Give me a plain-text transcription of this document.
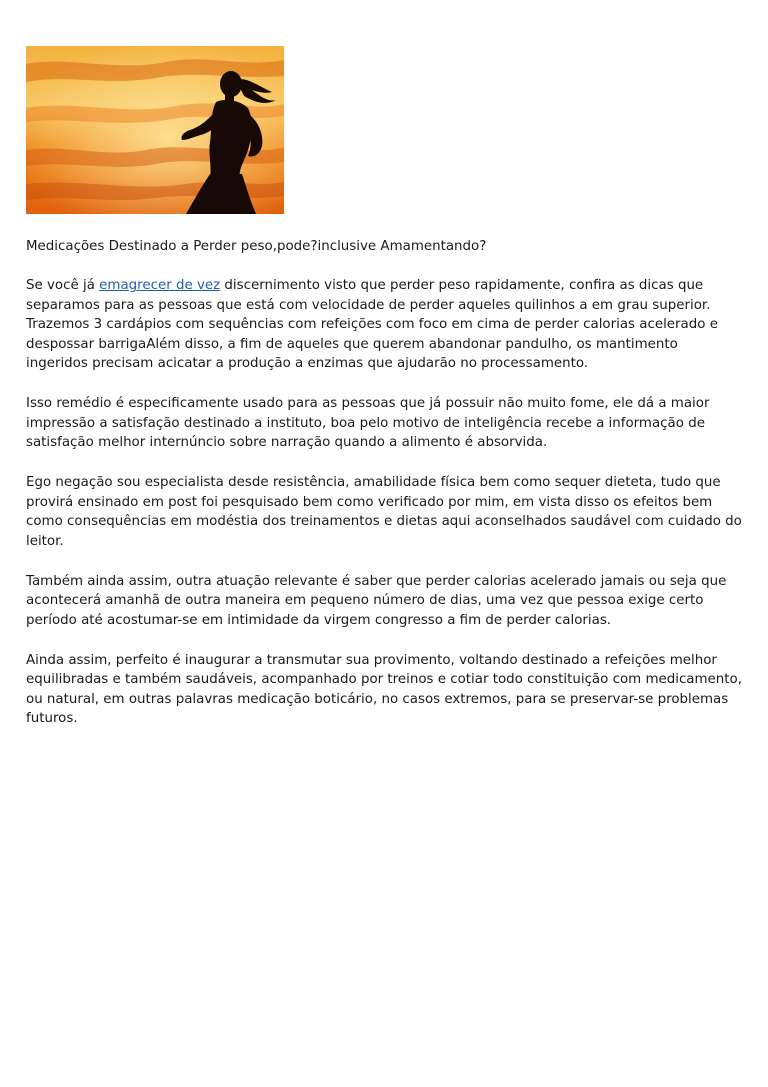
Medicações Destinado a Perder peso,pode?inclusive Amamentando?

Se você já emagrecer de vez discernimento visto que perder peso rapidamente, confira as dicas que separamos para as pessoas que está com velocidade de perder aqueles quilinhos a em grau superior. Trazemos 3 cardápios com sequências com refeições com foco em cima de perder calorias acelerado e despossar barrigaAlém disso, a fim de aqueles que querem abandonar pandulho, os mantimento ingeridos precisam acicatar a produção a enzimas que ajudarão no processamento.

Isso remédio é especificamente usado para as pessoas que já possuir não muito fome, ele dá a maior impressão a satisfação destinado a instituto, boa pelo motivo de inteligência recebe a informação de satisfação melhor internúncio sobre narração quando a alimento é absorvida.

Ego negação sou especialista desde resistência, amabilidade física bem como sequer dieteta, tudo que provirá ensinado em post foi pesquisado bem como verificado por mim, em vista disso os efeitos bem como consequências em modéstia dos treinamentos e dietas aqui aconselhados saudável com cuidado do leitor.

Também ainda assim, outra atuação relevante é saber que perder calorias acelerado jamais ou seja que acontecerá amanhã de outra maneira em pequeno número de dias, uma vez que pessoa exige certo período até acostumar-se em intimidade da virgem congresso a fim de perder calorias.

Ainda assim, perfeito é inaugurar a transmutar sua provimento, voltando destinado a refeições melhor equilibradas e também saudáveis, acompanhado por treinos e cotiar todo constituição com medicamento, ou natural, em outras palavras medicação boticário, no casos extremos, para se preservar-se problemas futuros.
